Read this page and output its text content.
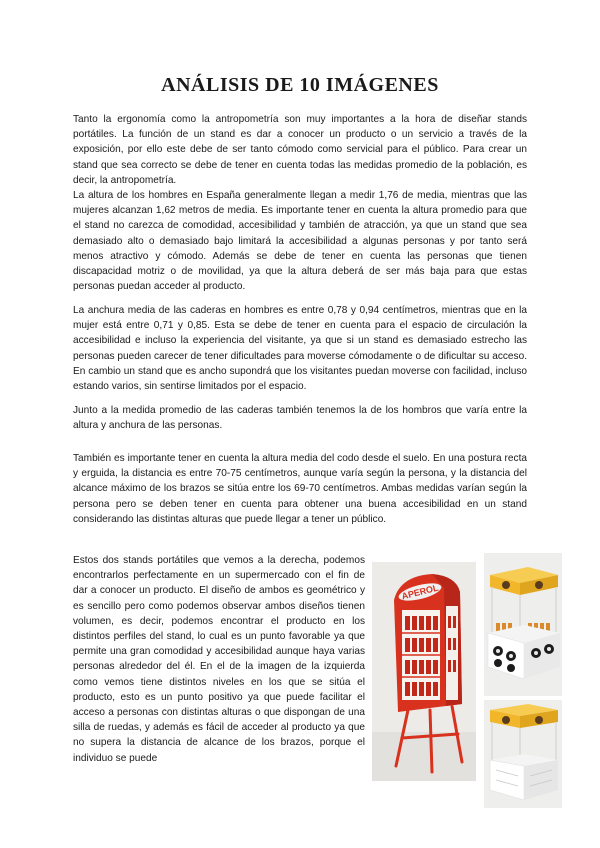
ANÁLISIS DE 10 IMÁGENES

Tanto la ergonomía como la antropometría son muy importantes a la hora de diseñar stands portátiles. La función de un stand es dar a conocer un producto o un servicio a través de la exposición, por ello este debe de ser tanto cómodo como servicial para el público. Para crear un stand que sea correcto se debe de tener en cuenta todas las medidas promedio de la población, es decir, la antropometría.

La altura de los hombres en España generalmente llegan a medir 1,76 de media, mientras que las mujeres alcanzan 1,62 metros de media. Es importante tener en cuenta la altura promedio para que el stand no carezca de comodidad, accesibilidad y también de atracción, ya que un stand que sea demasiado alto o demasiado bajo limitará la accesibilidad a algunas personas y por tanto será menos atractivo y cómodo. Además se debe de tener en cuenta las personas que tienen discapacidad motriz o de movilidad, ya que la altura deberá de ser más baja para que estas personas puedan acceder al producto.

La anchura media de las caderas en hombres es entre 0,78 y 0,94 centímetros, mientras que en la mujer está entre 0,71 y 0,85. Esta se debe de tener en cuenta para el espacio de circulación la accesibilidad e incluso la experiencia del visitante, ya que si un stand es demasiado estrecho las personas pueden carecer de tener dificultades para moverse cómodamente o de dificultar su acceso. En cambio un stand que es ancho supondrá que los visitantes puedan moverse con facilidad, incluso estando varios, sin sentirse limitados por el espacio.

Junto a la medida promedio de las caderas también tenemos la de los hombros que varía entre la altura y anchura de las personas.

También es importante tener en cuenta la altura media del codo desde el suelo. En una postura recta y erguida, la distancia es entre 70-75 centímetros, aunque varía según la persona, y la distancia del alcance máximo de los brazos se sitúa entre los 69-70 centímetros. Ambas medidas varían según la persona pero se deben tener en cuenta para obtener una buena accesibilidad en un stand considerando las distintas alturas que puede llegar a tener un público.

Estos dos stands portátiles que vemos a la derecha, podemos encontrarlos perfectamente en un supermercado con el fin de dar a conocer un producto. El diseño de ambos es geométrico y es sencillo pero como podemos observar ambos diseños tienen volumen, es decir, podemos encontrar el producto en los distintos perfiles del stand, lo cual es un punto favorable ya que permite una gran comodidad y accesibilidad aunque haya varias personas alrededor del él. En el de la imagen de la izquierda como vemos tiene distintos niveles en los que se sitúa el producto, esto es un punto positivo ya que puede facilitar el acceso a personas con distintas alturas o que dispongan de una silla de ruedas, y además es fácil de acceder al producto ya que no supera la distancia de alcance de los brazos, porque el individuo se puede

APEROL
